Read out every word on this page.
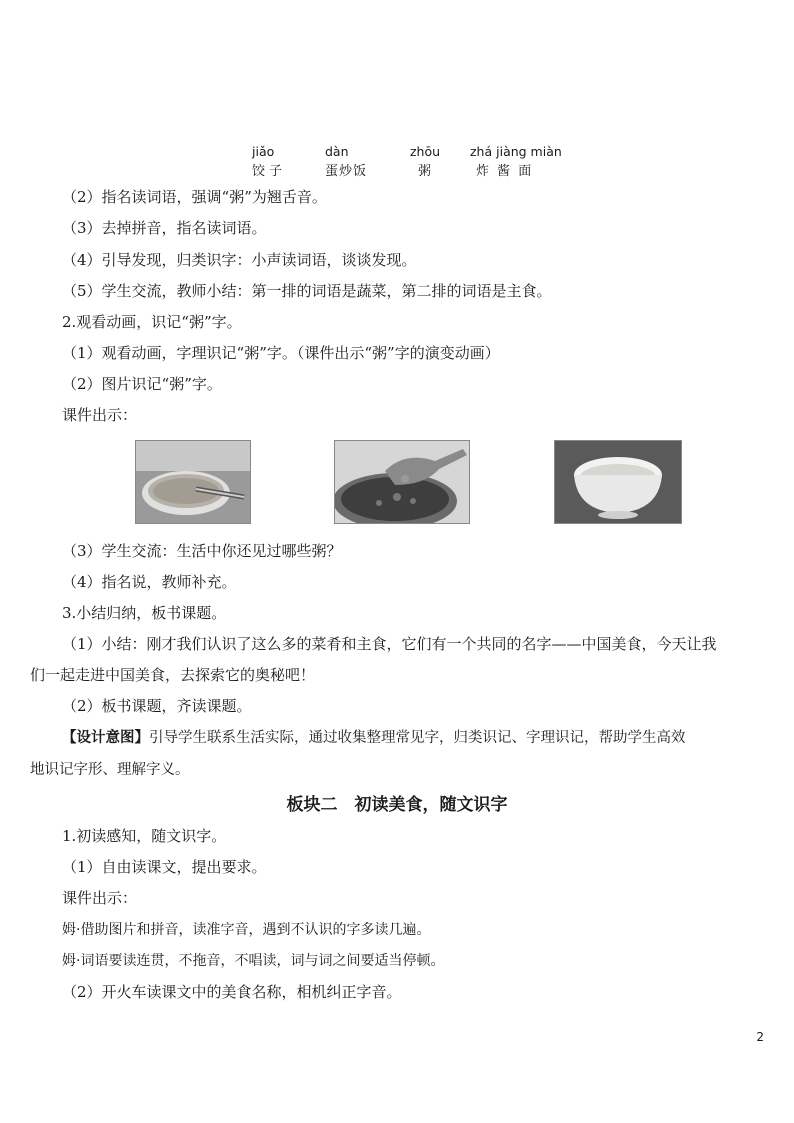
jiǎo
饺子
dàn
蛋炒饭
zhōu
粥
zhá jiàng miàn
炸 酱 面
（2）指名读词语，强调“粥”为翘舌音。
（3）去掉拼音，指名读词语。
（4）引导发现，归类识字：小声读词语，谈谈发现。
（5）学生交流，教师小结：第一排的词语是蔬菜，第二排的词语是主食。
2.观看动画，识记“粥”字。
（1）观看动画，字理识记“粥”字。（课件出示“粥”字的演变动画）
（2）图片识记“粥”字。
课件出示：
（3）学生交流：生活中你还见过哪些粥？
（4）指名说，教师补充。
3.小结归纳，板书课题。
（1）小结：刚才我们认识了这么多的菜肴和主食，它们有一个共同的名字——中国美食，今天让我
们一起走进中国美食，去探索它的奥秘吧！
（2）板书课题，齐读课题。
【设计意图】引导学生联系生活实际，通过收集整理常见字，归类识记、字理识记，帮助学生高效
地识记字形、理解字义。
板块二　初读美食，随文识字
1.初读感知，随文识字。
（1）自由读课文，提出要求。
课件出示：
姆·借助图片和拼音，读准字音，遇到不认识的字多读几遍。
姆·词语要读连贯，不拖音，不唱读，词与词之间要适当停顿。
（2）开火车读课文中的美食名称，相机纠正字音。
2
